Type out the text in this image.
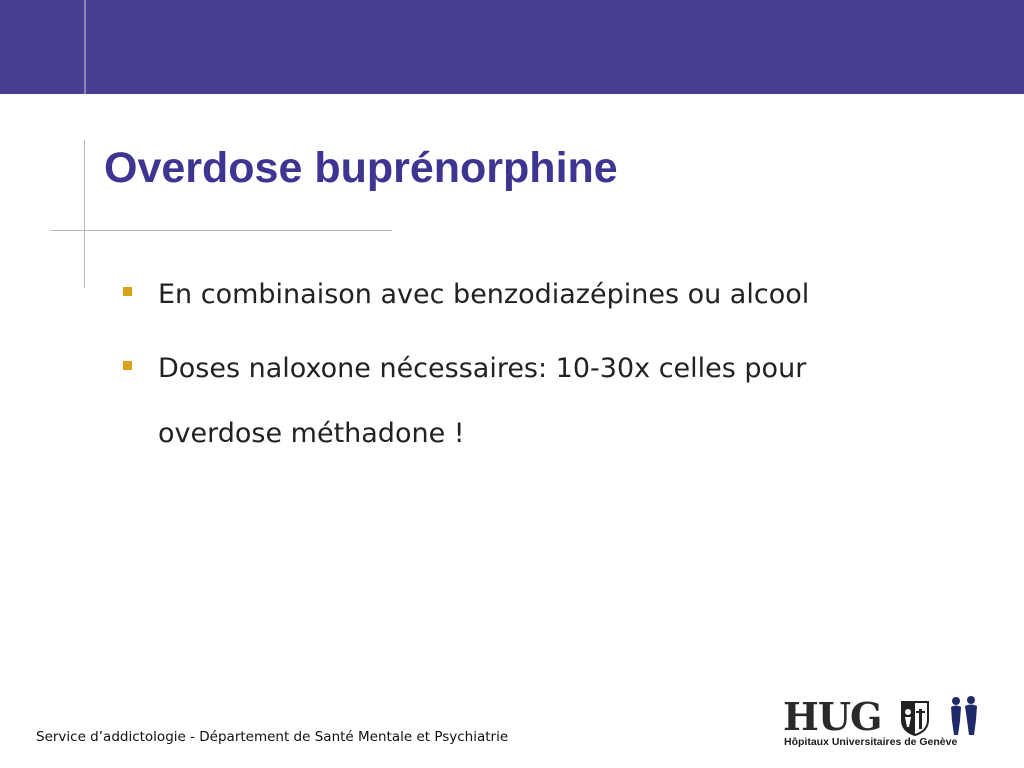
Overdose buprénorphine
En combinaison avec benzodiazépines ou alcool
Doses naloxone nécessaires: 10-30x celles pour overdose méthadone !
Service d’addictologie - Département de Santé Mentale et Psychiatrie	HUG
Hôpitaux Universitaires de Genève
